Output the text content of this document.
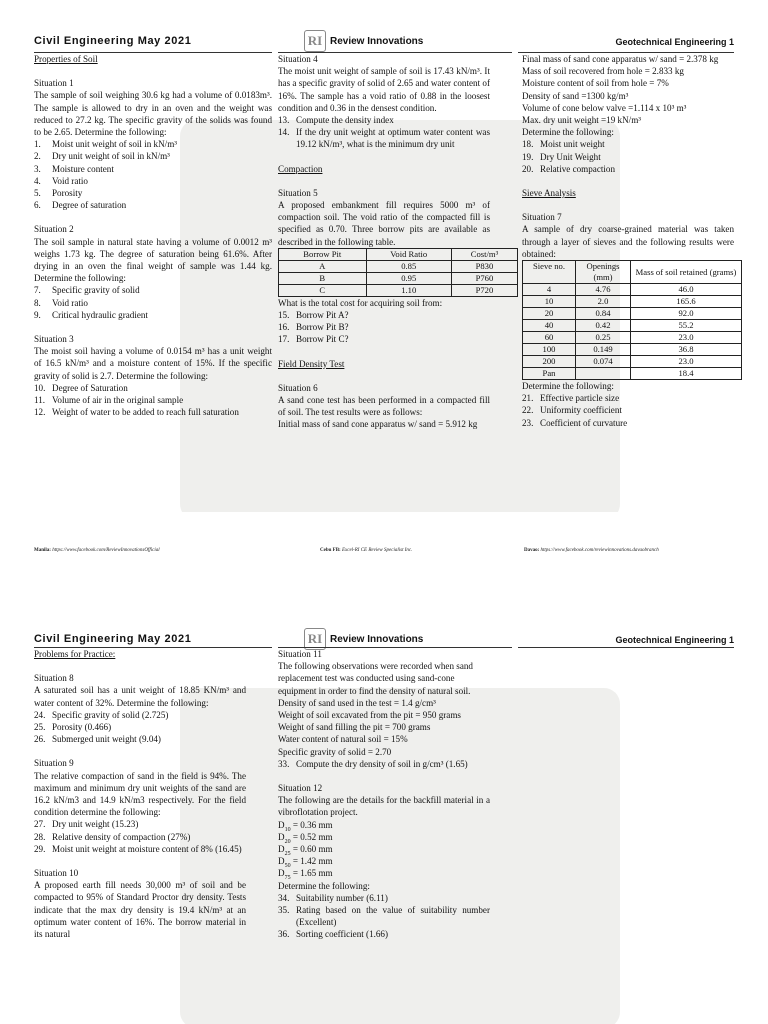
Civil Engineering May 2021	RI Review Innovations	Geotechnical Engineering 1

Properties of Soil

Situation 1

The sample of soil weighing 30.6 kg had a volume of 0.0183m³. The sample is allowed to dry in an oven and the weight was reduced to 27.2 kg. The specific gravity of the solids was found to be 2.65. Determine the following:

1.	Moist unit weight of soil in kN/m³
2.	Dry unit weight of soil in kN/m³
3.	Moisture content
4.	Void ratio
5.	Porosity
6.	Degree of saturation

Situation 2

The soil sample in natural state having a volume of 0.0012 m³ weighs 1.73 kg. The degree of saturation being 61.6%. After drying in an oven the final weight of sample was 1.44 kg. Determine the following:

7.	Specific gravity of solid
8.	Void ratio
9.	Critical hydraulic gradient

Situation 3

The moist soil having a volume of 0.0154 m³ has a unit weight of 16.5 kN/m³ and a moisture content of 15%. If the specific gravity of solid is 2.7. Determine the following:

10. Degree of Saturation
11. Volume of air in the original sample
12. Weight of water to be added to reach full saturation

Situation 4

The moist unit weight of sample of soil is 17.43 kN/m³. It has a specific gravity of solid of 2.65 and water content of 16%. The sample has a void ratio of 0.88 in the loosest condition and 0.36 in the densest condition.

13. Compute the density index
14. If the dry unit weight at optimum water content was 19.12 kN/m³, what is the minimum dry unit

Compaction

Situation 5

A proposed embankment fill requires 5000 m³ of compaction soil. The void ratio of the compacted fill is specified as 0.70. Three borrow pits are available as described in the following table.

Borrow Pit	Void Ratio	Cost/m³
A	0.85	P830
B	0.95	P760
C	1.10	P720

What is the total cost for acquiring soil from:

15. Borrow Pit A?
16. Borrow Pit B?
17. Borrow Pit C?

Field Density Test

Situation 6

A sand cone test has been performed in a compacted fill of soil. The test results were as follows:

Initial mass of sand cone apparatus w/ sand = 5.912 kg

Final mass of sand cone apparatus w/ sand = 2.378 kg

Mass of soil recovered from hole = 2.833 kg

Moisture content of soil from hole = 7%

Density of sand =1300 kg/m³

Volume of cone below valve =1.114 x 10³ m³

Max. dry unit weight =19 kN/m³

Determine the following:

18. Moist unit weight
19. Dry Unit Weight
20. Relative compaction

Sieve Analysis

Situation 7

A sample of dry coarse-grained material was taken through a layer of sieves and the following results were obtained:

Sieve no.	Openings (mm)	Mass of soil retained (grams)
4	4.76	46.0
10	2.0	165.6
20	0.84	92.0
40	0.42	55.2
60	0.25	23.0
100	0.149	36.8
200	0.074	23.0
Pan		18.4

Determine the following:

21. Effective particle size
22. Uniformity coefficient
23. Coefficient of curvature
Manila: https://www.facebook.com/ReviewInnovationsOfficial	Cebu FB: Excel-RI CE Review Specialist Inc.	Davao: https://www.facebook.com/reviewinnovations.davaobranch
Civil Engineering May 2021	RI Review Innovations	Geotechnical Engineering 1

Problems for Practice:

Situation 8

A saturated soil has a unit weight of 18.85 KN/m³ and water content of 32%. Determine the following:

24. Specific gravity of solid (2.725)
25. Porosity (0.466)
26. Submerged unit weight (9.04)

Situation 9

The relative compaction of sand in the field is 94%. The maximum and minimum dry unit weights of the sand are 16.2 kN/m3 and 14.9 kN/m3 respectively. For the field condition determine the following:

27. Dry unit weight (15.23)
28. Relative density of compaction (27%)
29. Moist unit weight at moisture content of 8% (16.45)

Situation 10

A proposed earth fill needs 30,000 m³ of soil and be compacted to 95% of Standard Proctor dry density. Tests indicate that the max dry density is 19.4 kN/m³ at an optimum water content of 16%. The borrow material in its natural

Situation 11

The following observations were recorded when sand replacement test was conducted using sand-cone equipment in order to find the density of natural soil.

Density of sand used in the test = 1.4 g/cm³

Weight of soil excavated from the pit = 950 grams

Weight of sand filling the pit = 700 grams

Water content of natural soil = 15%

Specific gravity of solid = 2.70

33. Compute the dry density of soil in g/cm³ (1.65)

Situation 12

The following are the details for the backfill material in a vibroflotation project.

$D_{10} = 0.36$ mm

$D_{20} = 0.52$ mm

$D_{25} = 0.60$ mm

$D_{50} = 1.42$ mm

$D_{75} = 1.65$ mm

Determine the following:

34. Suitability number (6.11)
35. Rating based on the value of suitability number (Excellent)
36. Sorting coefficient (1.66)
